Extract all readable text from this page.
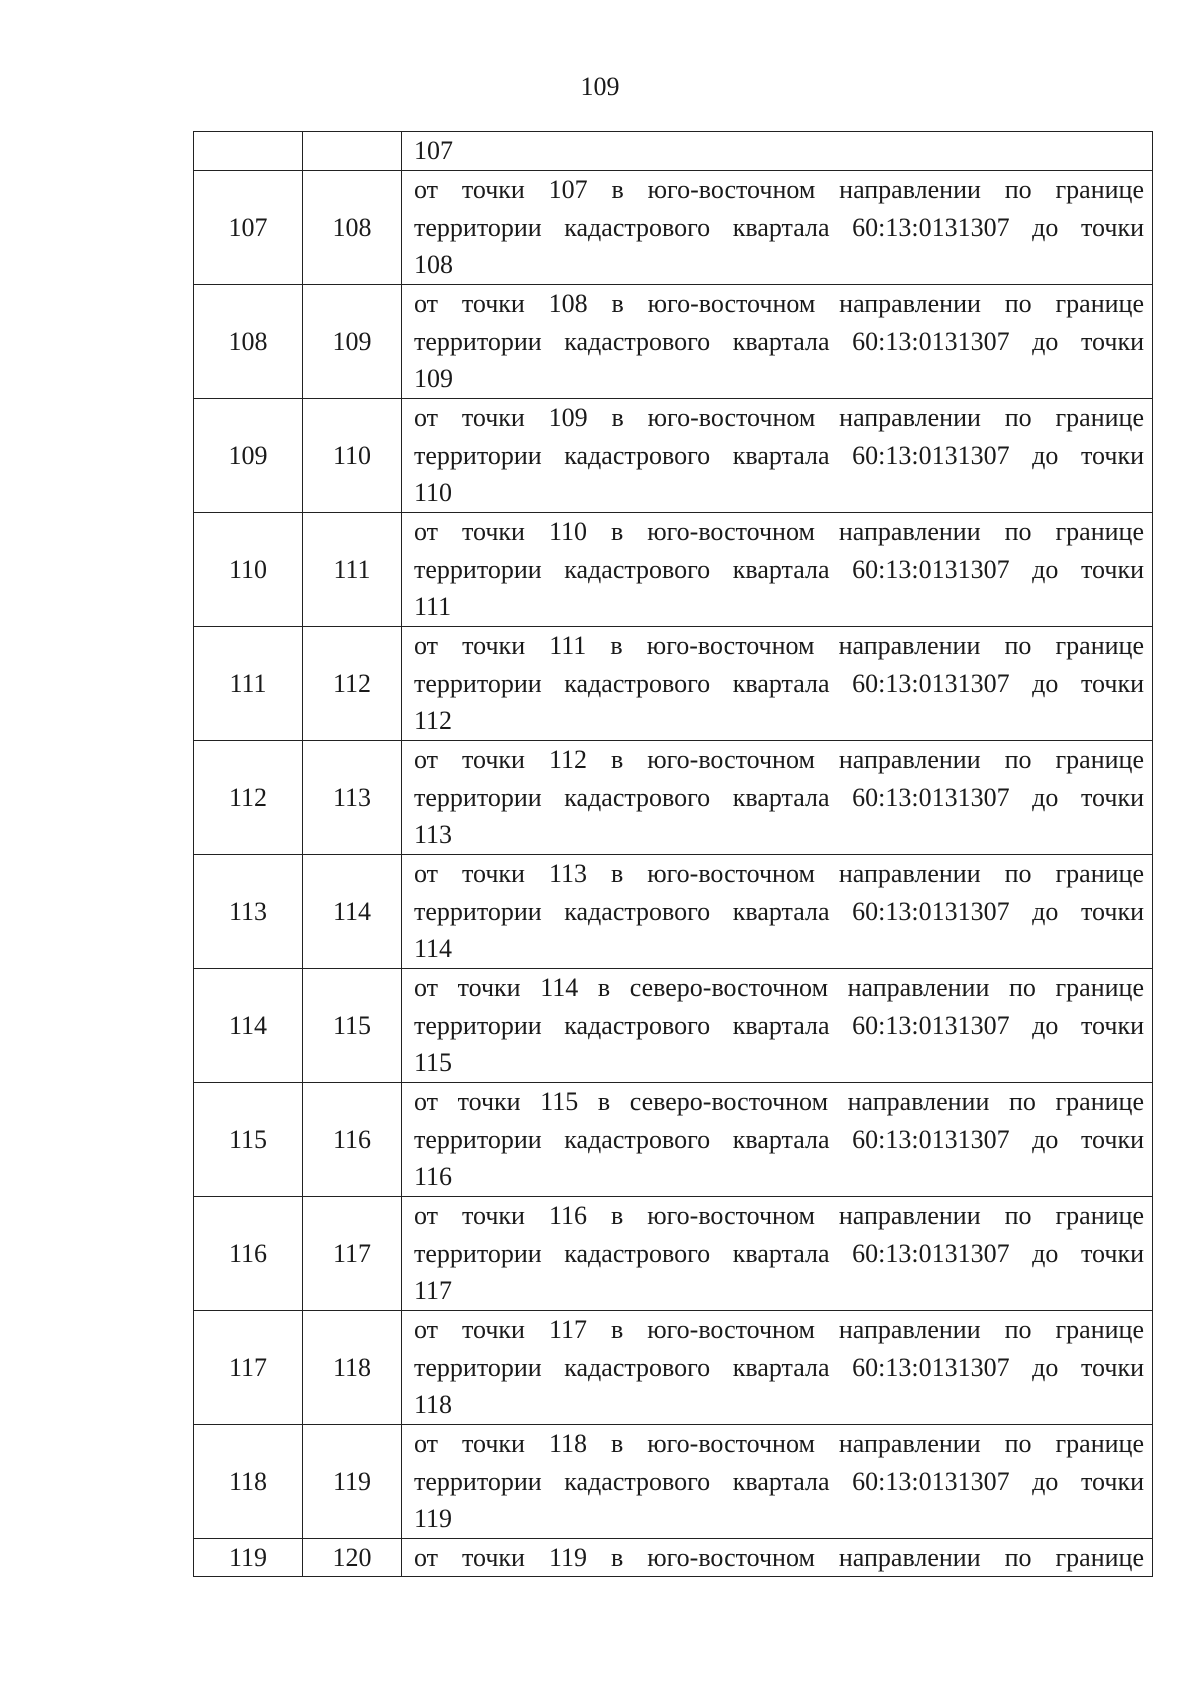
109

		107

107	108	от точки 107 в юго-восточном направлении по границе
территории кадастрового квартала 60:13:0131307 до точки
108

108	109	от точки 108 в юго-восточном направлении по границе
территории кадастрового квартала 60:13:0131307 до точки
109

109	110	от точки 109 в юго-восточном направлении по границе
территории кадастрового квартала 60:13:0131307 до точки
110

110	111	от точки 110 в юго-восточном направлении по границе
территории кадастрового квартала 60:13:0131307 до точки
111

111	112	от точки 111 в юго-восточном направлении по границе
территории кадастрового квартала 60:13:0131307 до точки
112

112	113	от точки 112 в юго-восточном направлении по границе
территории кадастрового квартала 60:13:0131307 до точки
113

113	114	от точки 113 в юго-восточном направлении по границе
территории кадастрового квартала 60:13:0131307 до точки
114

114	115	от точки 114 в северо-восточном направлении по границе
территории кадастрового квартала 60:13:0131307 до точки
115

115	116	от точки 115 в северо-восточном направлении по границе
территории кадастрового квартала 60:13:0131307 до точки
116

116	117	от точки 116 в юго-восточном направлении по границе
территории кадастрового квартала 60:13:0131307 до точки
117

117	118	от точки 117 в юго-восточном направлении по границе
территории кадастрового квартала 60:13:0131307 до точки
118

118	119	от точки 118 в юго-восточном направлении по границе
территории кадастрового квартала 60:13:0131307 до точки
119

119	120	от точки 119 в юго-восточном направлении по границе
